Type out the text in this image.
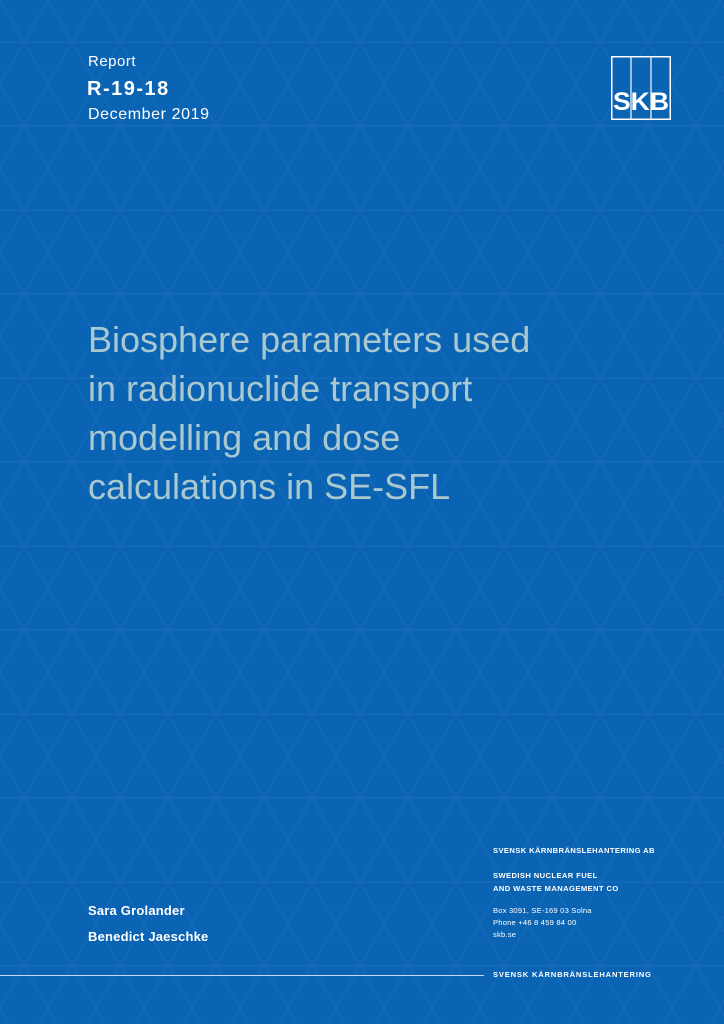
Report
R-19-18
December 2019	SKB
Biosphere parameters used
in radionuclide transport
modelling and dose
calculations in SE-SFL
Sara Grolander
Benedict Jaeschke
SVENSK KÄRNBRÄNSLEHANTERING AB
SWEDISH NUCLEAR FUEL
AND WASTE MANAGEMENT CO
Box 3091, SE-169 03 Solna
Phone +46 8 459 84 00
skb.se
SVENSK KÄRNBRÄNSLEHANTERING
